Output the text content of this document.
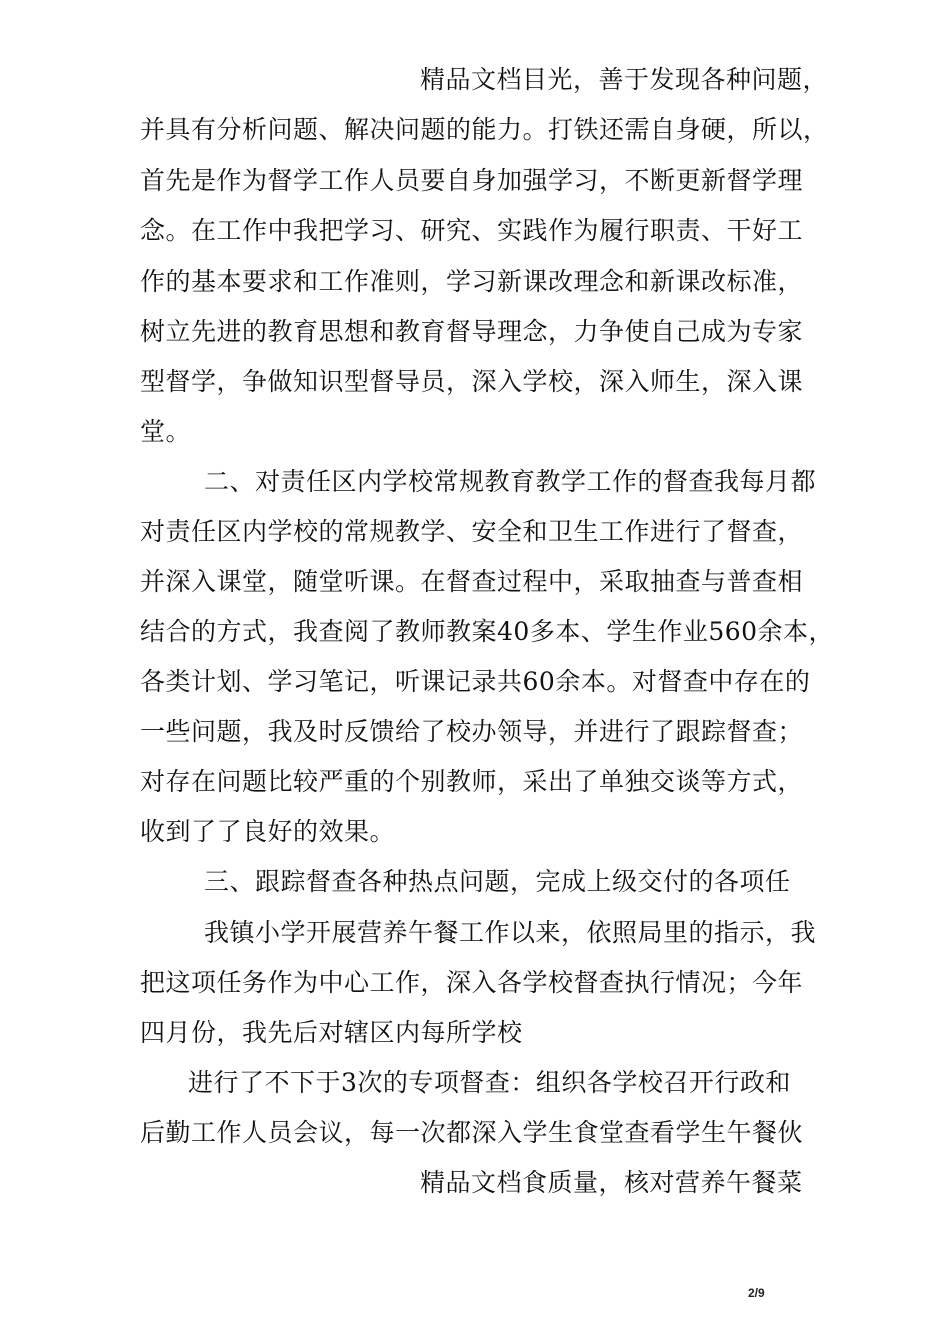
精品文档目光，善于发现各种问题，
并具有分析问题、解决问题的能力。打铁还需自身硬，所以，
首先是作为督学工作人员要自身加强学习，不断更新督学理
念。在工作中我把学习、研究、实践作为履行职责、干好工
作的基本要求和工作准则，学习新课改理念和新课改标准，
树立先进的教育思想和教育督导理念，力争使自己成为专家
型督学，争做知识型督导员，深入学校，深入师生，深入课
堂。
二、对责任区内学校常规教育教学工作的督查我每月都
对责任区内学校的常规教学、安全和卫生工作进行了督查，
并深入课堂，随堂听课。在督查过程中，采取抽查与普查相
结合的方式，我查阅了教师教案40多本、学生作业560余本，
各类计划、学习笔记，听课记录共60余本。对督查中存在的
一些问题，我及时反馈给了校办领导，并进行了跟踪督查；
对存在问题比较严重的个别教师，采出了单独交谈等方式，
收到了了良好的效果。
三、跟踪督查各种热点问题，完成上级交付的各项任
我镇小学开展营养午餐工作以来，依照局里的指示，我
把这项任务作为中心工作，深入各学校督查执行情况；今年
四月份，我先后对辖区内每所学校
进行了不下于3次的专项督查：组织各学校召开行政和
后勤工作人员会议，每一次都深入学生食堂查看学生午餐伙
精品文档食质量，核对营养午餐菜
2/9
